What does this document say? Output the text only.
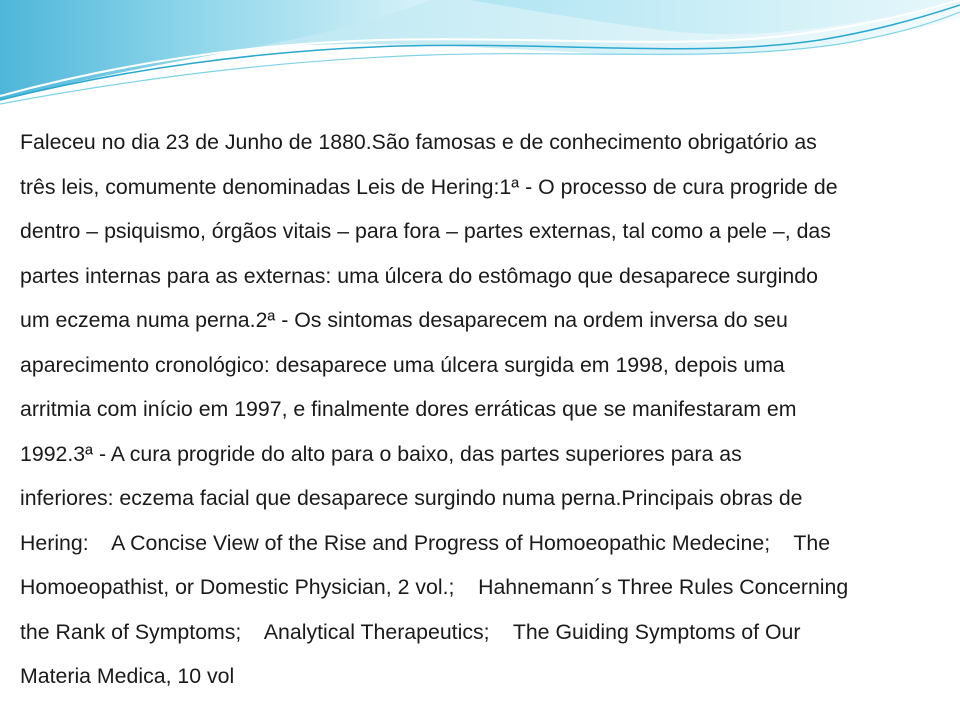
Faleceu no dia 23 de Junho de 1880.São famosas e de conhecimento obrigatório as
três leis, comumente denominadas Leis de Hering:1ª - O processo de cura progride de
dentro – psiquismo, órgãos vitais – para fora – partes externas, tal como a pele –, das
partes internas para as externas: uma úlcera do estômago que desaparece surgindo
um eczema numa perna.2ª - Os sintomas desaparecem na ordem inversa do seu
aparecimento cronológico: desaparece uma úlcera surgida em 1998, depois uma
arritmia com início em 1997, e finalmente dores erráticas que se manifestaram em
1992.3ª - A cura progride do alto para o baixo, das partes superiores para as
inferiores: eczema facial que desaparece surgindo numa perna.Principais obras de
Hering:    A Concise View of the Rise and Progress of Homoeopathic Medecine;    The
Homoeopathist, or Domestic Physician, 2 vol.;    Hahnemann´s Three Rules Concerning
the Rank of Symptoms;    Analytical Therapeutics;    The Guiding Symptoms of Our
Materia Medica, 10 vol
